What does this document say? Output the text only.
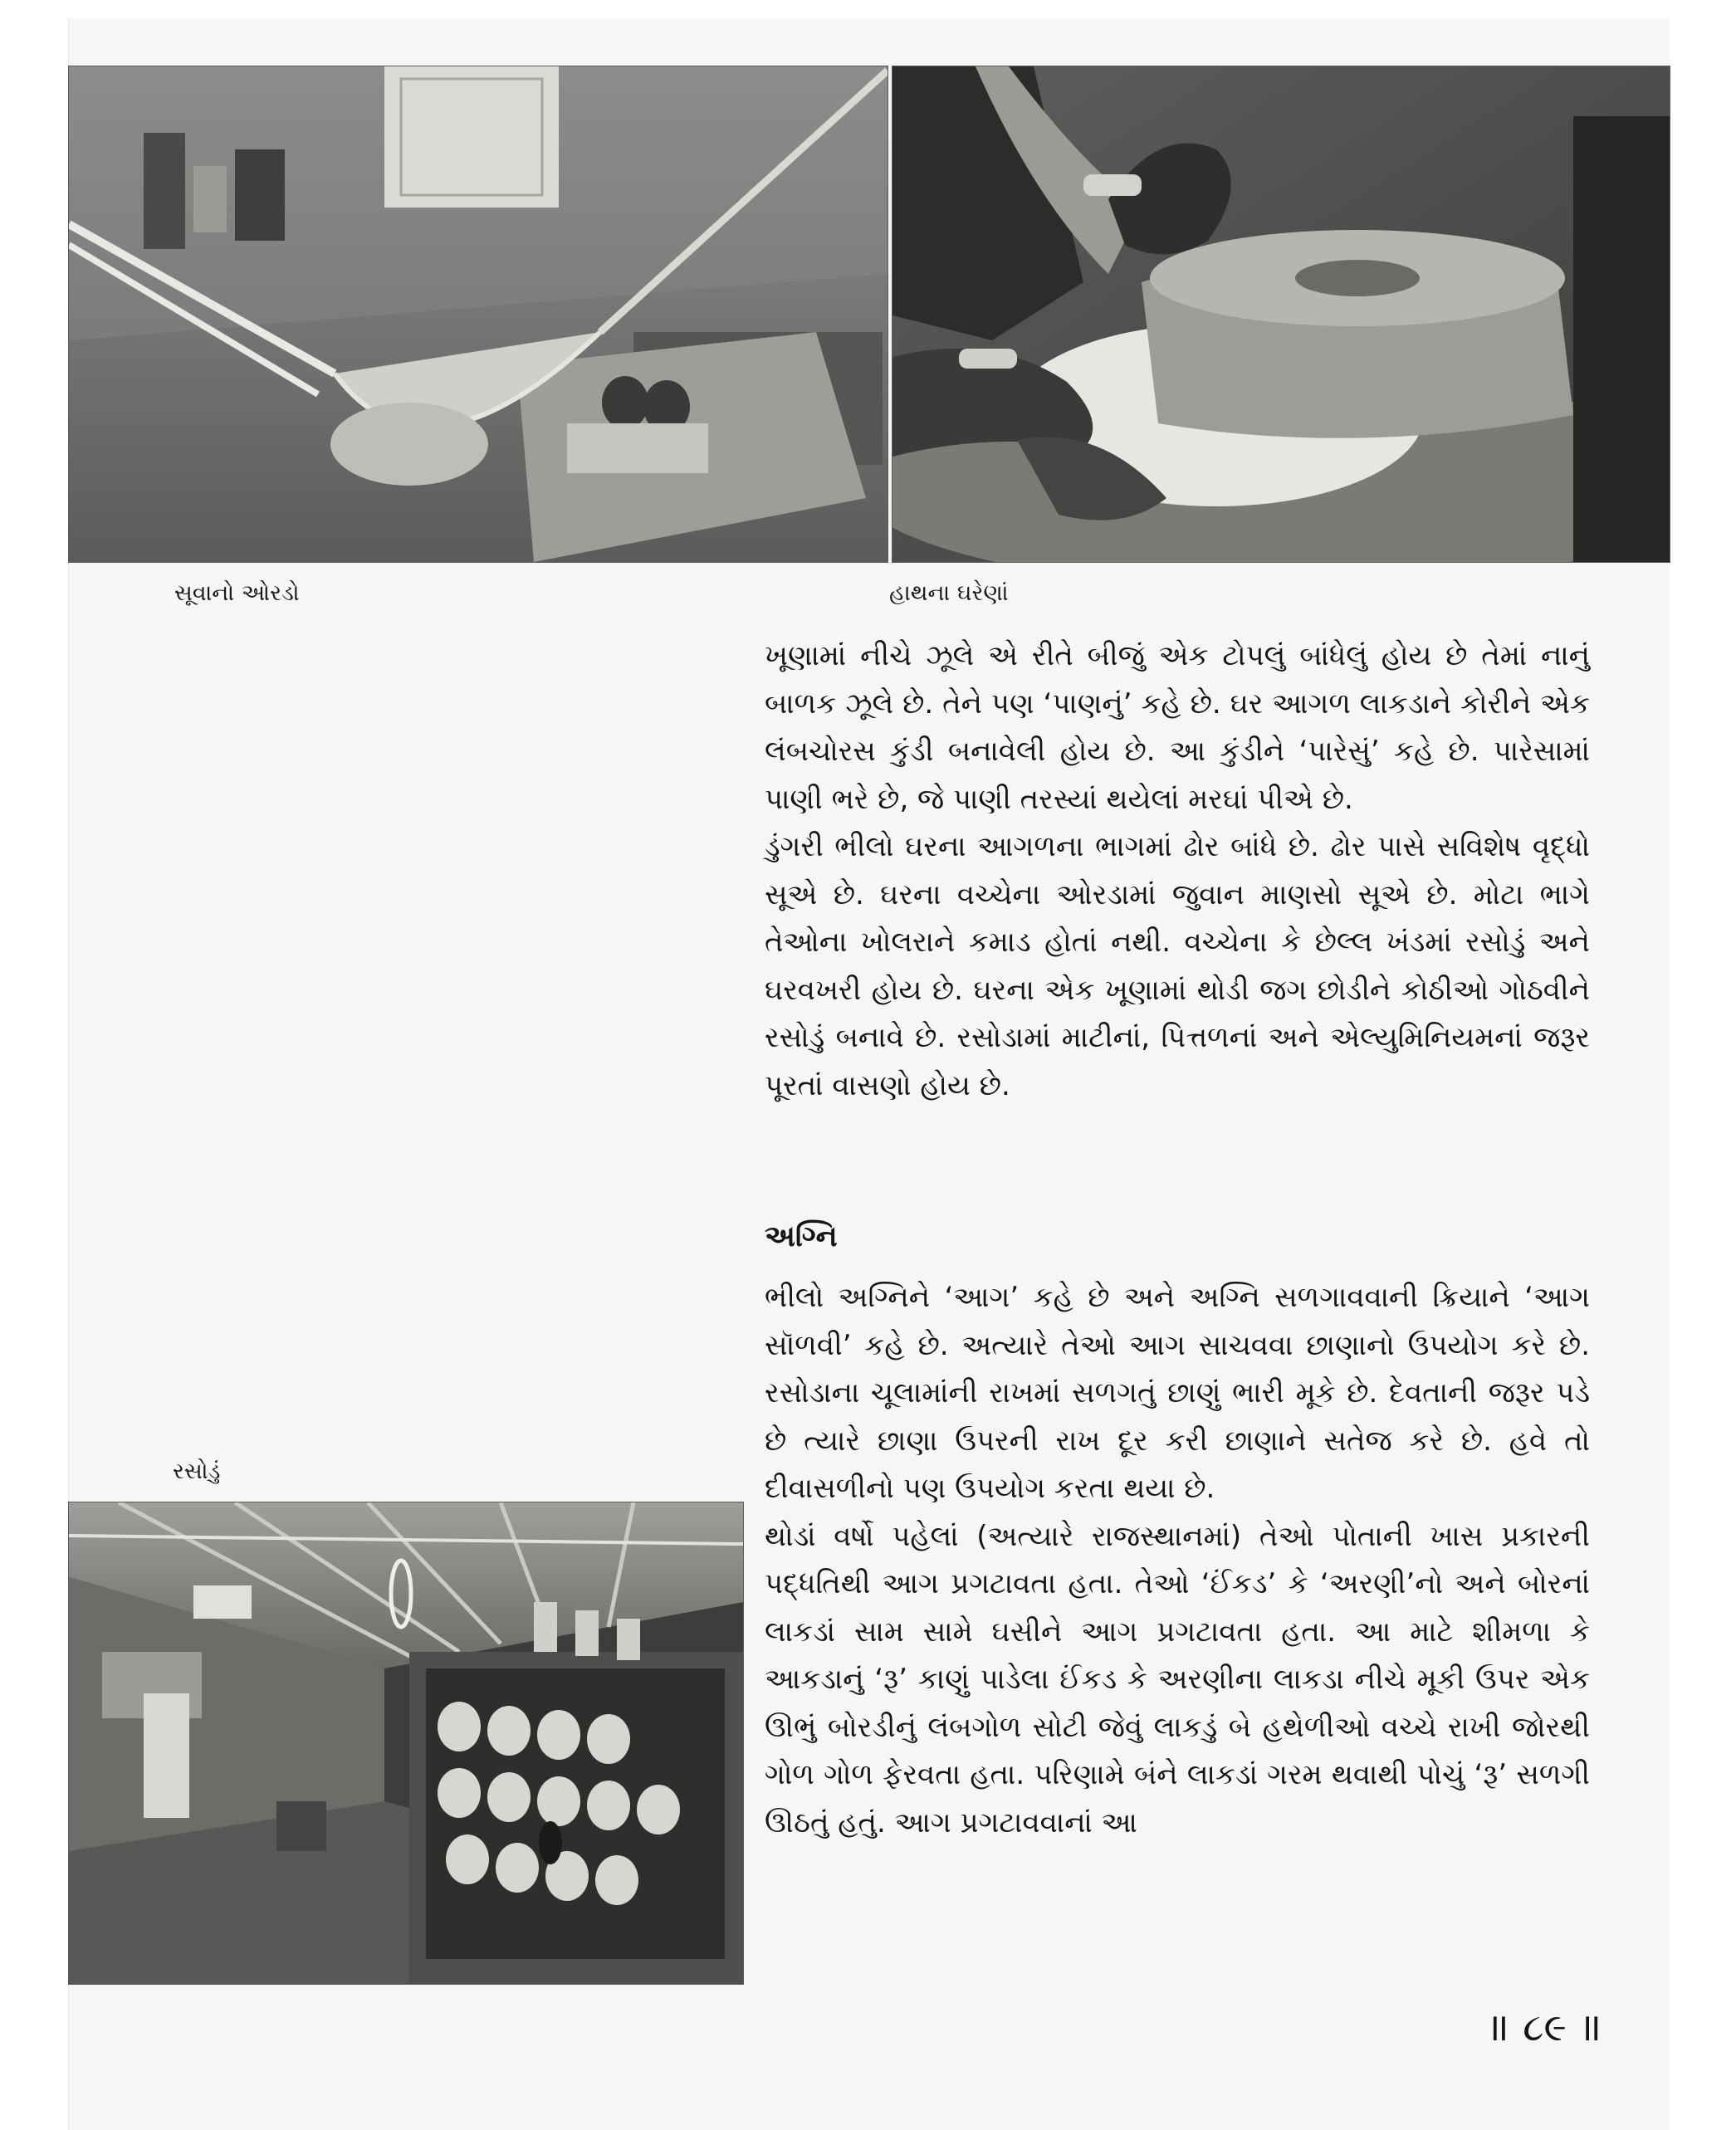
સૂવાનો ઓરડો	હાથના ઘરેણાં

ખૂણામાં નીચે ઝૂલે એ રીતે બીજું એક ટોપલું બાંધેલું હોય છે તેમાં નાનું બાળક ઝૂલે છે. તેને પણ ‘પાણનું’ કહે છે. ઘર આગળ લાકડાને કોરીને એક લંબચોરસ કુંડી બનાવેલી હોય છે. આ કુંડીને ‘પારેસું’ કહે છે. પારેસામાં પાણી ભરે છે, જે પાણી તરસ્યાં થયેલાં મરઘાં પીએ છે.

ડુંગરી ભીલો ઘરના આગળના ભાગમાં ઢોર બાંધે છે. ઢોર પાસે સવિશેષ વૃદ્ધો સૂએ છે. ઘરના વચ્ચેના ઓરડામાં જુવાન માણસો સૂએ છે. મોટા ભાગે તેઓના ખોલરાને કમાડ હોતાં નથી. વચ્ચેના કે છેલ્લ ખંડમાં રસોડું અને ઘરવખરી હોય છે. ઘરના એક ખૂણામાં થોડી જગ છોડીને કોઠીઓ ગોઠવીને રસોડું બનાવે છે. રસોડામાં માટીનાં, પિત્તળનાં અને એલ્યુમિનિયમનાં જરૂર પૂરતાં વાસણો હોય છે.

અગ્નિ

ભીલો અગ્નિને ‘આગ’ કહે છે અને અગ્નિ સળગાવવાની ક્રિયાને ‘આગ સૉળવી’ કહે છે. અત્યારે તેઓ આગ સાચવવા છાણાનો ઉપયોગ કરે છે. રસોડાના ચૂલામાંની રાખમાં સળગતું છાણું ભારી મૂકે છે. દેવતાની જરૂર પડે છે ત્યારે છાણા ઉપરની રાખ દૂર કરી છાણાને સતેજ કરે છે. હવે તો દીવાસળીનો પણ ઉપયોગ કરતા થયા છે.

થોડાં વર્ષો પહેલાં (અત્યારે રાજસ્થાનમાં) તેઓ પોતાની ખાસ પ્રકારની પદ્ધતિથી આગ પ્રગટાવતા હતા. તેઓ ‘ઈંકડ’ કે ‘અરણી’નો અને બોરનાં લાકડાં સામ સામે ઘસીને આગ પ્રગટાવતા હતા. આ માટે શીમળા કે આકડાનું ‘રૂ’ કાણું પાડેલા ઈંકડ કે અરણીના લાકડા નીચે મૂકી ઉપર એક ઊભું બોરડીનું લંબગોળ સોટી જેવું લાકડું બે હથેળીઓ વચ્ચે રાખી જોરથી ગોળ ગોળ ફેરવતા હતા. પરિણામે બંને લાકડાં ગરમ થવાથી પોચું ‘રૂ’ સળગી ઊઠતું હતું. આગ પ્રગટાવવાનાં આ

રસોડું
॥ ૮૯ ॥
